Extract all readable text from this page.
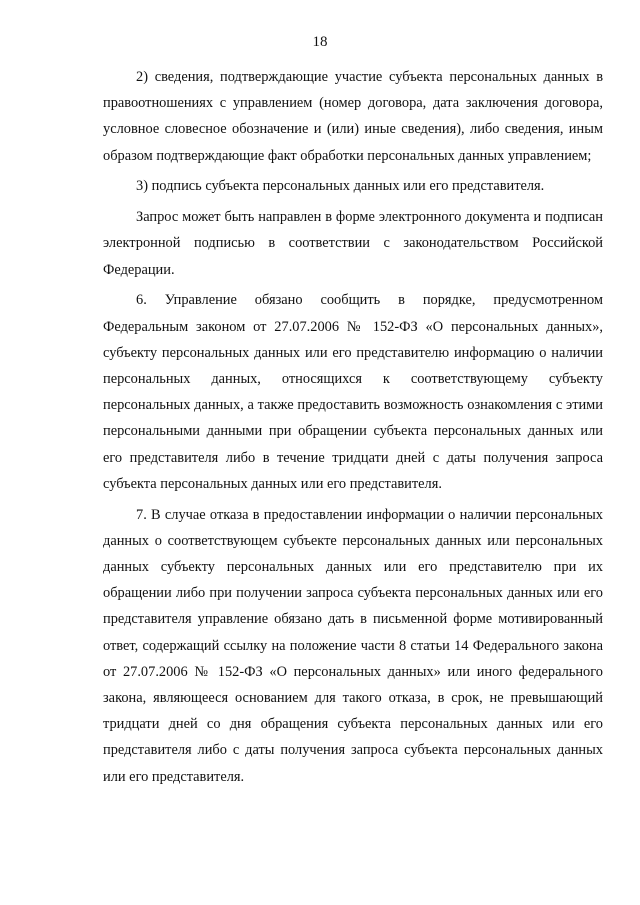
18

2) сведения, подтверждающие участие субъекта персональных данных в правоотношениях с управлением (номер договора, дата заключения договора, условное словесное обозначение и (или) иные сведения), либо сведения, иным образом подтверждающие факт обработки персональных данных управлением;

3) подпись субъекта персональных данных или его представителя.

Запрос может быть направлен в форме электронного документа и подписан электронной подписью в соответствии с законодательством Российской Федерации.

6. Управление обязано сообщить в порядке, предусмотренном Федеральным законом от 27.07.2006 № 152-ФЗ «О персональных данных», субъекту персональных данных или его представителю информацию о наличии персональных данных, относящихся к соответствующему субъекту персональных данных, а также предоставить возможность ознакомления с этими персональными данными при обращении субъекта персональных данных или его представителя либо в течение тридцати дней с даты получения запроса субъекта персональных данных или его представителя.

7. В случае отказа в предоставлении информации о наличии персональных данных о соответствующем субъекте персональных данных или персональных данных субъекту персональных данных или его представителю при их обращении либо при получении запроса субъекта персональных данных или его представителя управление обязано дать в письменной форме мотивированный ответ, содержащий ссылку на положение части 8 статьи 14 Федерального закона от 27.07.2006 № 152-ФЗ «О персональных данных» или иного федерального закона, являющееся основанием для такого отказа, в срок, не превышающий тридцати дней со дня обращения субъекта персональных данных или его представителя либо с даты получения запроса субъекта персональных данных или его представителя.
